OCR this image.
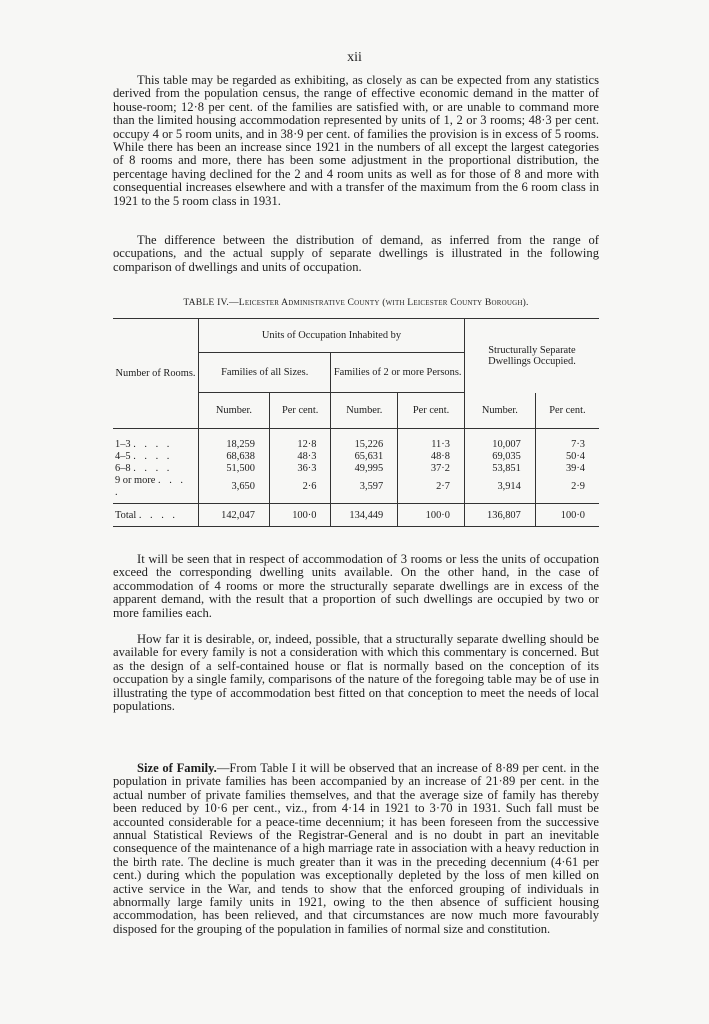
xii

This table may be regarded as exhibiting, as closely as can be expected from any statistics derived from the population census, the range of effective economic demand in the matter of house-room; 12·8 per cent. of the families are satisfied with, or are unable to command more than the limited housing accommodation represented by units of 1, 2 or 3 rooms; 48·3 per cent. occupy 4 or 5 room units, and in 38·9 per cent. of families the provision is in excess of 5 rooms. While there has been an increase since 1921 in the numbers of all except the largest categories of 8 rooms and more, there has been some adjustment in the proportional distribution, the percentage having declined for the 2 and 4 room units as well as for those of 8 and more with consequential increases elsewhere and with a transfer of the maximum from the 6 room class in 1921 to the 5 room class in 1931.

The difference between the distribution of demand, as inferred from the range of occupations, and the actual supply of separate dwellings is illustrated in the following comparison of dwellings and units of occupation.

TABLE IV.—Leicester Administrative County (with Leicester County Borough).
Number of Rooms.	Units of Occupation Inhabited by				Structurally Separate Dwellings Occupied.	
	Families of all Sizes.		Families of 2 or more Persons.			
	Number.	Per cent.	Number.	Per cent.	Number.	Per cent.
1–3 . . . .	18,259	12·8	15,226	11·3	10,007	7·3
4–5 . . . .	68,638	48·3	65,631	48·8	69,035	50·4
6–8 . . . .	51,500	36·3	49,995	37·2	53,851	39·4
9 or more . . . .	3,650	2·6	3,597	2·7	3,914	2·9
Total . . . .	142,047	100·0	134,449	100·0	136,807	100·0

It will be seen that in respect of accommodation of 3 rooms or less the units of occupation exceed the corresponding dwelling units available. On the other hand, in the case of accommodation of 4 rooms or more the structurally separate dwellings are in excess of the apparent demand, with the result that a proportion of such dwellings are occupied by two or more families each.

How far it is desirable, or, indeed, possible, that a structurally separate dwelling should be available for every family is not a consideration with which this commentary is concerned. But as the design of a self-contained house or flat is normally based on the conception of its occupation by a single family, comparisons of the nature of the foregoing table may be of use in illustrating the type of accommodation best fitted on that conception to meet the needs of local populations.

Size of Family.—From Table I it will be observed that an increase of 8·89 per cent. in the population in private families has been accompanied by an increase of 21·89 per cent. in the actual number of private families themselves, and that the average size of family has thereby been reduced by 10·6 per cent., viz., from 4·14 in 1921 to 3·70 in 1931. Such fall must be accounted considerable for a peace-time decennium; it has been foreseen from the successive annual Statistical Reviews of the Registrar-General and is no doubt in part an inevitable consequence of the maintenance of a high marriage rate in association with a heavy reduction in the birth rate. The decline is much greater than it was in the preceding decennium (4·61 per cent.) during which the population was exceptionally depleted by the loss of men killed on active service in the War, and tends to show that the enforced grouping of individuals in abnormally large family units in 1921, owing to the then absence of sufficient housing accommodation, has been relieved, and that circumstances are now much more favourably disposed for the grouping of the population in families of normal size and constitution.
